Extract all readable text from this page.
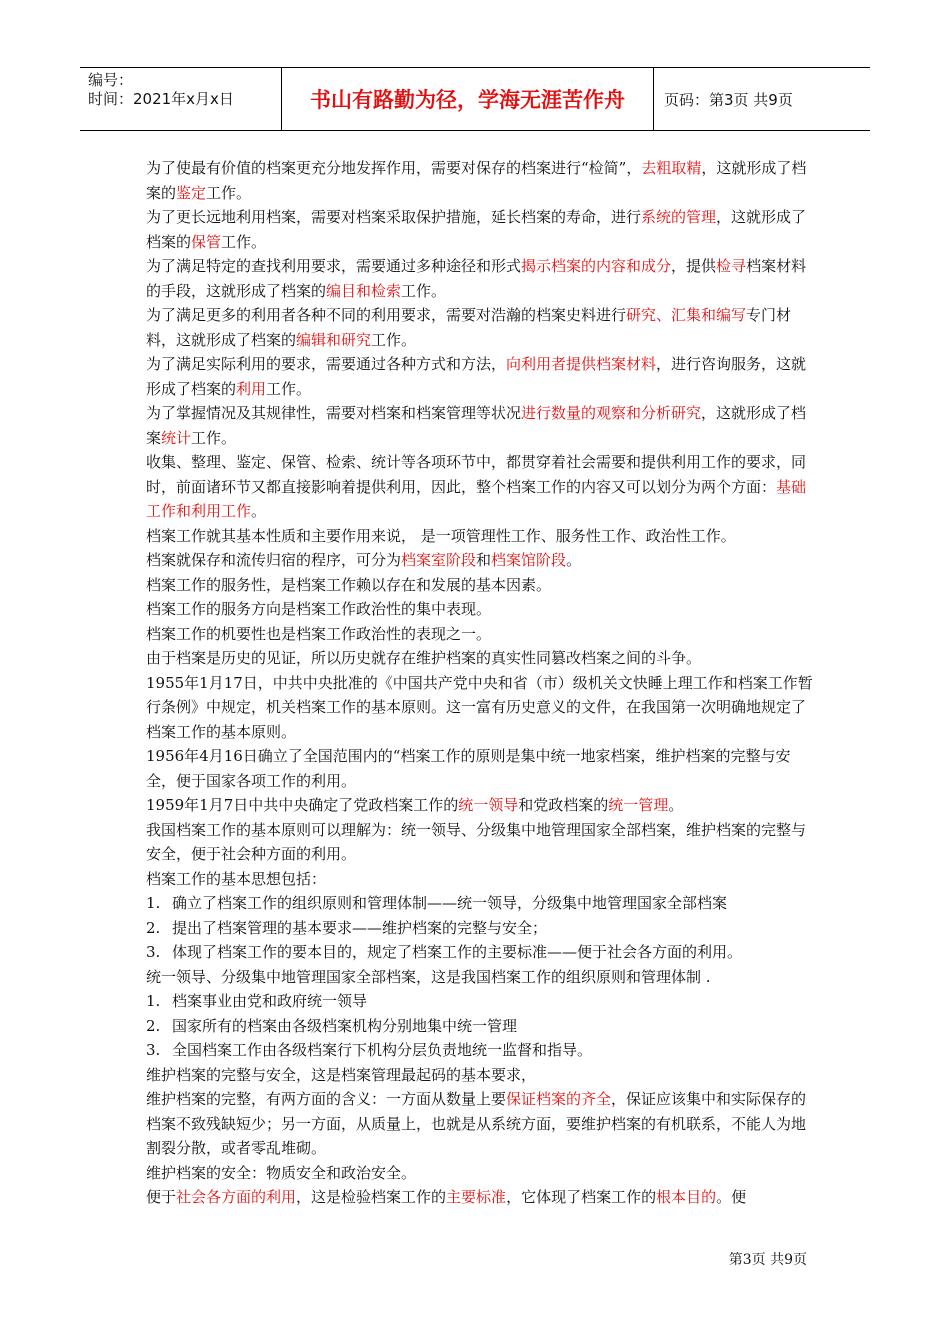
编号：
时间：2021年x月x日	书山有路勤为径，学海无涯苦作舟	页码：第3页 共9页

为了使最有价值的档案更充分地发挥作用，需要对保存的档案进行“检简”，去粗取精，这就形成了档案的鉴定工作。

为了更长远地利用档案，需要对档案采取保护措施，延长档案的寿命，进行系统的管理，这就形成了档案的保管工作。

为了满足特定的查找利用要求，需要通过多种途径和形式揭示档案的内容和成分，提供检寻档案材料的手段，这就形成了档案的编目和检索工作。

为了满足更多的利用者各种不同的利用要求，需要对浩瀚的档案史料进行研究、汇集和编写专门材料，这就形成了档案的编辑和研究工作。

为了满足实际利用的要求，需要通过各种方式和方法，向利用者提供档案材料，进行咨询服务，这就形成了档案的利用工作。

为了掌握情况及其规律性，需要对档案和档案管理等状况进行数量的观察和分析研究，这就形成了档案统计工作。

收集、整理、鉴定、保管、检索、统计等各项环节中，都贯穿着社会需要和提供利用工作的要求，同时，前面诸环节又都直接影响着提供利用，因此，整个档案工作的内容又可以划分为两个方面：基础工作和利用工作。

档案工作就其基本性质和主要作用来说， 是一项管理性工作、服务性工作、政治性工作。

档案就保存和流传归宿的程序，可分为档案室阶段和档案馆阶段。

档案工作的服务性，是档案工作赖以存在和发展的基本因素。

档案工作的服务方向是档案工作政治性的集中表现。

档案工作的机要性也是档案工作政治性的表现之一。

由于档案是历史的见证，所以历史就存在维护档案的真实性同篡改档案之间的斗争。

1955年1月17日，中共中央批准的《中国共产党中央和省（市）级机关文快睡上理工作和档案工作暂行条例》中规定，机关档案工作的基本原则。这一富有历史意义的文件，在我国第一次明确地规定了档案工作的基本原则。

1956年4月16日确立了全国范围内的“档案工作的原则是集中统一地家档案，维护档案的完整与安全，便于国家各项工作的利用。

1959年1月7日中共中央确定了党政档案工作的统一领导和党政档案的统一管理。

我国档案工作的基本原则可以理解为：统一领导、分级集中地管理国家全部档案，维护档案的完整与安全，便于社会种方面的利用。

档案工作的基本思想包括：

1. 确立了档案工作的组织原则和管理体制——统一领导，分级集中地管理国家全部档案

2. 提出了档案管理的基本要求——维护档案的完整与安全；

3. 体现了档案工作的要本目的，规定了档案工作的主要标准——便于社会各方面的利用。

统一领导、分级集中地管理国家全部档案，这是我国档案工作的组织原则和管理体制 .

1. 档案事业由党和政府统一领导

2. 国家所有的档案由各级档案机构分别地集中统一管理

3. 全国档案工作由各级档案行下机构分层负责地统一监督和指导。

维护档案的完整与安全，这是档案管理最起码的基本要求，

维护档案的完整，有两方面的含义：一方面从数量上要保证档案的齐全，保证应该集中和实际保存的档案不致残缺短少；另一方面，从质量上，也就是从系统方面，要维护档案的有机联系，不能人为地割裂分散，或者零乱堆砌。

维护档案的安全：物质安全和政治安全。

便于社会各方面的利用，这是检验档案工作的主要标准，它体现了档案工作的根本目的。便

第3页 共9页
